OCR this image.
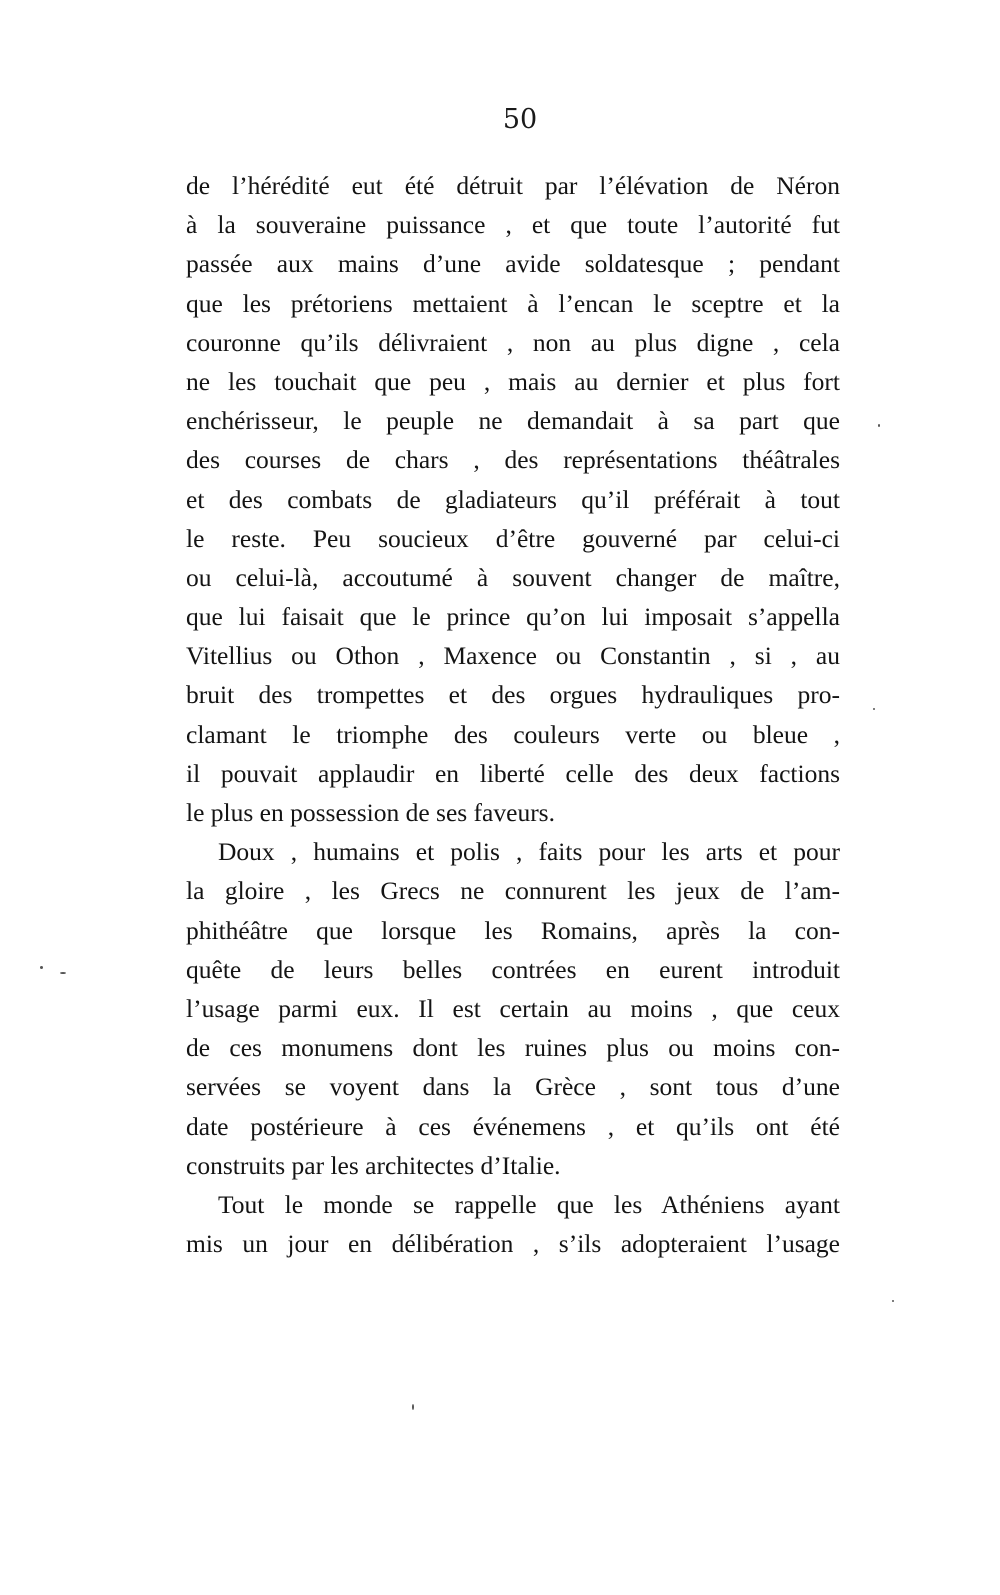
50
de l’hérédité eut été détruit par l’élévation de Néron
à la souveraine puissance , et que toute l’autorité fut
passée aux mains d’une avide soldatesque ; pendant
que les prétoriens mettaient à l’encan le sceptre et la
couronne qu’ils délivraient , non au plus digne , cela
ne les touchait que peu , mais au dernier et plus fort
enchérisseur, le peuple ne demandait à sa part que
des courses de chars , des représentations théâtrales
et des combats de gladiateurs qu’il préférait à tout
le reste. Peu soucieux d’être gouverné par celui-ci
ou celui-là, accoutumé à souvent changer de maître,
que lui faisait que le prince qu’on lui imposait s’appella
Vitellius ou Othon , Maxence ou Constantin , si , au
bruit des trompettes et des orgues hydrauliques pro-
clamant le triomphe des couleurs verte ou bleue ,
il pouvait applaudir en liberté celle des deux factions
le plus en possession de ses faveurs.
Doux , humains et polis , faits pour les arts et pour
la gloire , les Grecs ne connurent les jeux de l’am-
phithéâtre que lorsque les Romains, après la con-
quête de leurs belles contrées en eurent introduit
l’usage parmi eux. Il est certain au moins , que ceux
de ces monumens dont les ruines plus ou moins con-
servées se voyent dans la Grèce , sont tous d’une
date postérieure à ces événemens , et qu’ils ont été
construits par les architectes d’Italie.
Tout le monde se rappelle que les Athéniens ayant
mis un jour en délibération , s’ils adopteraient l’usage
